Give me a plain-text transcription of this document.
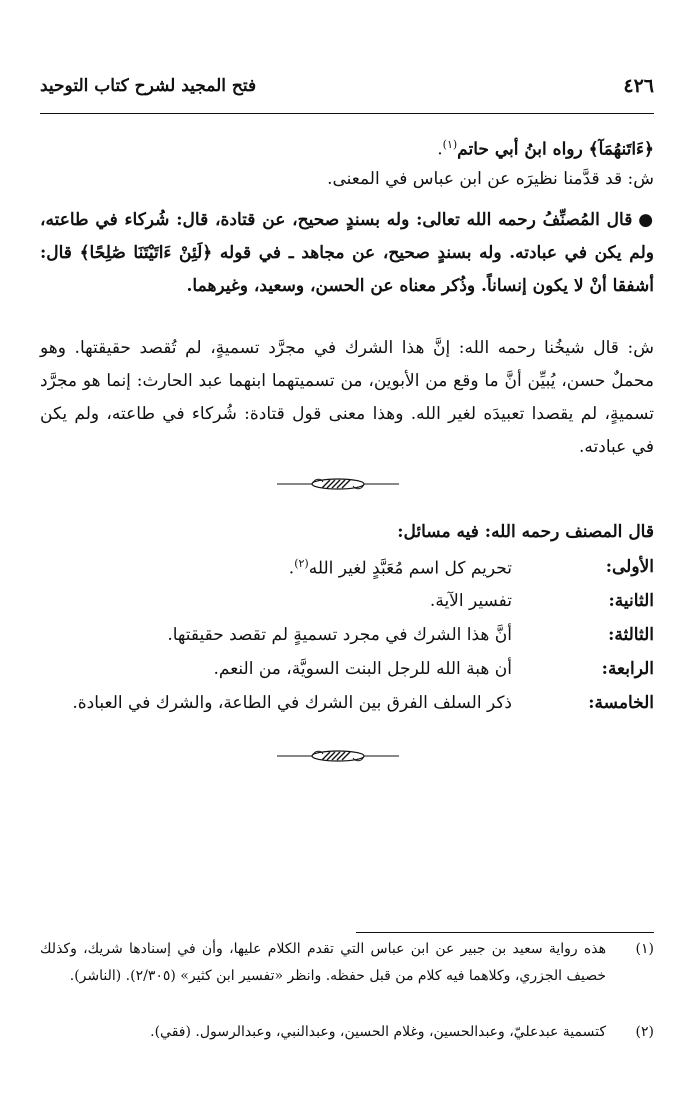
٤٢٦
فتح المجيد لشرح كتاب التوحيد
﴿ءَاتَنهُمَآ﴾ رواه ابنُ أبي حاتم$^{(١)}$.
ش: قد قدَّمنا نظيرَه عن ابن عباس في المعنى.
● قال المُصنِّفُ رحمه الله تعالى: وله بسندٍ صحيح، عن قتادة، قال: شُركاء في طاعته، ولم يكن في عبادته. وله بسندٍ صحيح، عن مجاهد ـ في قوله ﴿لَئِنْ ءَاتَيْتَنَا صَٰلِحًا﴾ قال: أشفقا أنْ لا يكون إنساناً. وذُكر معناه عن الحسن، وسعيد، وغيرهما.
ش: قال شيخُنا رحمه الله: إنَّ هذا الشرك في مجرَّد تسميةٍ، لم تُقصد حقيقتها. وهو محملٌ حسن، يُبيِّن أنَّ ما وقع من الأبوين، من تسميتهما ابنهما عبد الحارث: إنما هو مجرَّد تسميةٍ، لم يقصدا تعبيدَه لغير الله. وهذا معنى قول قتادة: شُركاء في طاعته، ولم يكن في عبادته.
قال المصنف رحمه الله: فيه مسائل:
الأولى:
تحريم كل اسم مُعَبَّدٍ لغير الله$^{(٢)}$.
الثانية:
تفسير الآية.
الثالثة:
أنَّ هذا الشرك في مجرد تسميةٍ لم تقصد حقيقتها.
الرابعة:
أن هبة الله للرجل البنت السويَّة، من النعم.
الخامسة:
ذكر السلف الفرق بين الشرك في الطاعة، والشرك في العبادة.
(١)
هذه رواية سعيد بن جبير عن ابن عباس التي تقدم الكلام عليها، وأن في إسنادها شريك، وكذلك خصيف الجزري، وكلاهما فيه كلام من قبل حفظه. وانظر «تفسير ابن كثير» (٢/٣٠٥). (الناشر).
(٢)
كتسمية عبدعليّ، وعبدالحسين، وغلام الحسين، وعبدالنبي، وعبدالرسول. (فقي).
